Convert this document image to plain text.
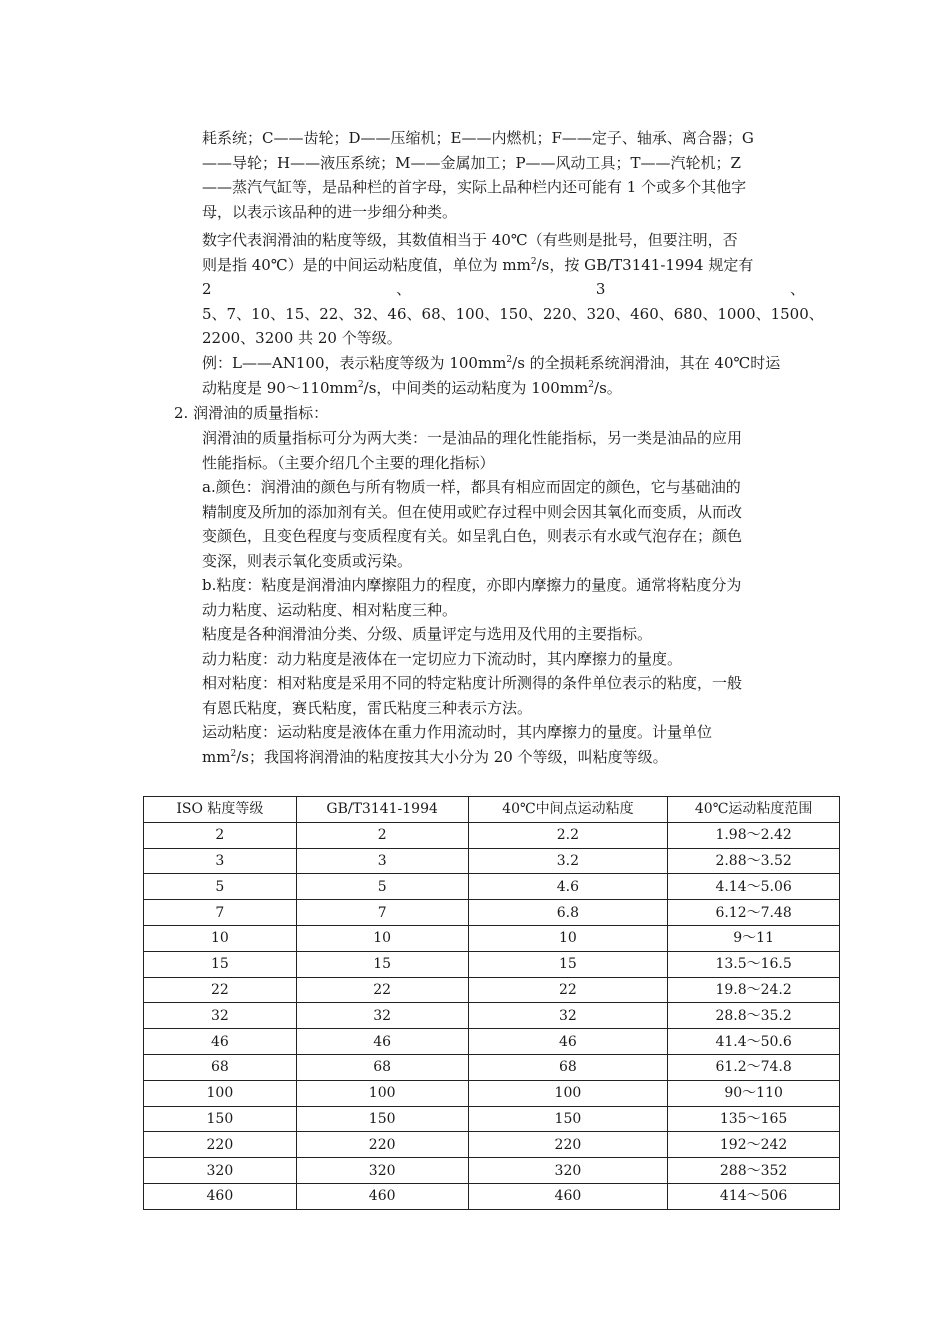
耗系统；C——齿轮；D——压缩机；E——内燃机；F——定子、轴承、离合器；G
——导轮；H——液压系统；M——金属加工；P——风动工具；T——汽轮机；Z
——蒸汽气缸等，是品种栏的首字母，实际上品种栏内还可能有 1 个或多个其他字
母，以表示该品种的进一步细分种类。
数字代表润滑油的粘度等级，其数值相当于 40℃（有些则是批号，但要注明，否
则是指 40℃）是的中间运动粘度值，单位为 $mm^2/s$，按 GB/T3141-1994 规定有
2	、	3	、
5、7、10、15、22、32、46、68、100、150、220、320、460、680、1000、1500、
2200、3200 共 20 个等级。
例：L——AN100，表示粘度等级为 $100mm^2/s$ 的全损耗系统润滑油，其在 40℃时运
动粘度是 $90\sim 110mm^2/s$，中间类的运动粘度为 $100mm^2/s$。
2. 润滑油的质量指标：
润滑油的质量指标可分为两大类：一是油品的理化性能指标，另一类是油品的应用
性能指标。（主要介绍几个主要的理化指标）
a.颜色：润滑油的颜色与所有物质一样，都具有相应而固定的颜色，它与基础油的
精制度及所加的添加剂有关。但在使用或贮存过程中则会因其氧化而变质，从而改
变颜色，且变色程度与变质程度有关。如呈乳白色，则表示有水或气泡存在；颜色
变深，则表示氧化变质或污染。
b.粘度：粘度是润滑油内摩擦阻力的程度，亦即内摩擦力的量度。通常将粘度分为
动力粘度、运动粘度、相对粘度三种。
粘度是各种润滑油分类、分级、质量评定与选用及代用的主要指标。
动力粘度：动力粘度是液体在一定切应力下流动时，其内摩擦力的量度。
相对粘度：相对粘度是采用不同的特定粘度计所测得的条件单位表示的粘度，一般
有恩氏粘度，赛氏粘度，雷氏粘度三种表示方法。
运动粘度：运动粘度是液体在重力作用流动时，其内摩擦力的量度。计量单位
$mm^2/s$；我国将润滑油的粘度按其大小分为 20 个等级，叫粘度等级。
ISO 粘度等级	GB/T3141-1994	40℃中间点运动粘度	40℃运动粘度范围
2	2	2.2	1.98～2.42
3	3	3.2	2.88～3.52
5	5	4.6	4.14～5.06
7	7	6.8	6.12～7.48
10	10	10	9～11
15	15	15	13.5～16.5
22	22	22	19.8～24.2
32	32	32	28.8～35.2
46	46	46	41.4～50.6
68	68	68	61.2～74.8
100	100	100	90～110
150	150	150	135～165
220	220	220	192～242
320	320	320	288～352
460	460	460	414～506
